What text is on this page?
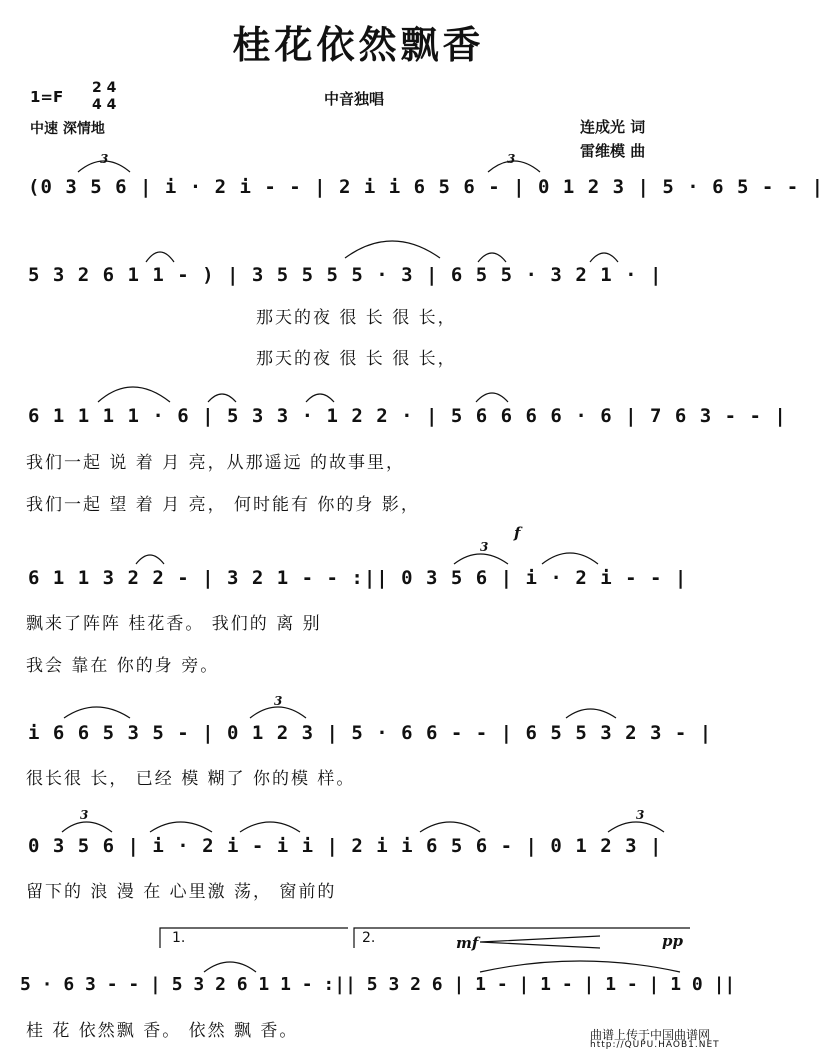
桂花依然飘香
1=F 2 4
4 4	中音独唱
中速 深情地	连成光 词
雷维模 曲
(0 3 5 6 | i · 2 i - - | 2 i i 6 5 6 - | 0 1 2 3 | 5 · 6 5 - - |
3	3
5 3 2 6 1 1 - ) | 3 5 5 5 5 · 3 | 6 5 5 · 3 2 1 · |
那天的夜 很 长 很 长，
那天的夜 很 长 很 长，
6 1 1 1 1 · 6 | 5 3 3 · 1 2 2 · | 5 6 6 6 6 · 6 | 7 6 3 - - |
我们一起 说 着 月 亮，从那遥远 的故事里，
我们一起 望 着 月 亮， 何时能有 你的身 影，
6 1 1 3 2 2 - | 3 2 1 - - :|| 0 3 5 6 | i · 2 i - - |
3
f
飘来了阵阵 桂花香。 我们的 离 别
我会 靠在 你的身 旁。
i 6 6 5 3 5 - | 0 1 2 3 | 5 · 6 6 - - | 6 5 5 3 2 3 - |
3
很长很 长， 已经 模 糊了 你的模 样。
0 3 5 6 | i · 2 i - i i | 2 i i 6 5 6 - | 0 1 2 3 |
3	3
留下的 浪 漫 在 心里激 荡， 窗前的
1.	2.	mf	pp
5 · 6 3 - - | 5 3 2 6 1 1 - :|| 5 3 2 6 | 1 - | 1 - | 1 - | 1 0 ||
桂 花 依然飘 香。 依然 飘 香。	曲谱上传于中国曲谱网
http://QUPU.HAOB1.NET
